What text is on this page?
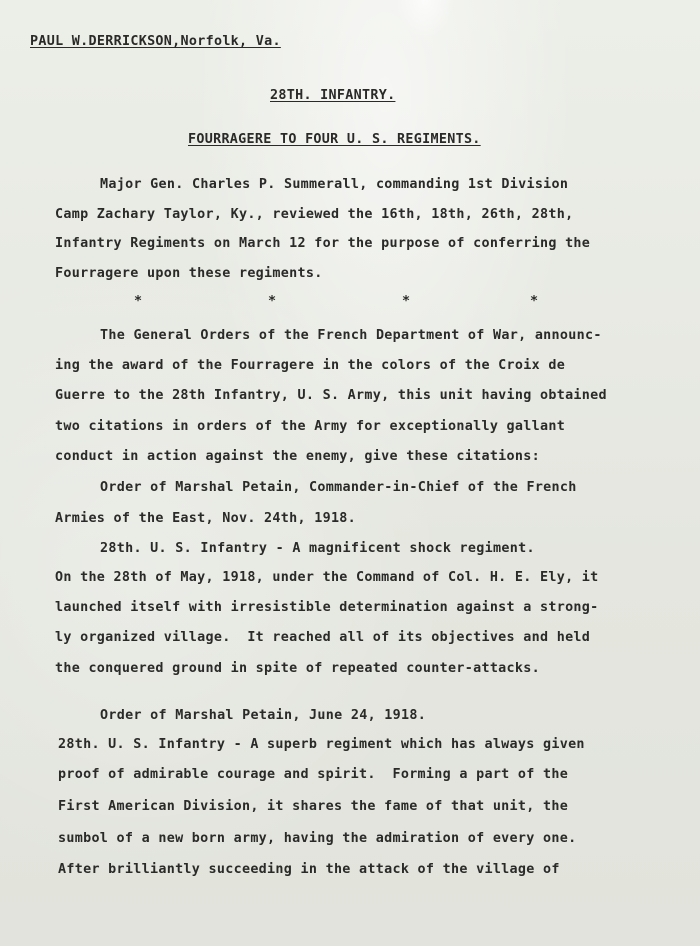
PAUL W.DERRICKSON,Norfolk, Va.
28TH. INFANTRY.
FOURRAGERE TO FOUR U. S. REGIMENTS.
Major Gen. Charles P. Summerall, commanding 1st Division
Camp Zachary Taylor, Ky., reviewed the 16th, 18th, 26th, 28th,
Infantry Regiments on March 12 for the purpose of conferring the
Fourragere upon these regiments.
*	*	*	*
The General Orders of the French Department of War, announc-
ing the award of the Fourragere in the colors of the Croix de
Guerre to the 28th Infantry, U. S. Army, this unit having obtained
two citations in orders of the Army for exceptionally gallant
conduct in action against the enemy, give these citations:
Order of Marshal Petain, Commander-in-Chief of the French
Armies of the East, Nov. 24th, 1918.
28th. U. S. Infantry - A magnificent shock regiment.
On the 28th of May, 1918, under the Command of Col. H. E. Ely, it
launched itself with irresistible determination against a strong-
ly organized village.  It reached all of its objectives and held
the conquered ground in spite of repeated counter-attacks.
Order of Marshal Petain, June 24, 1918.
28th. U. S. Infantry - A superb regiment which has always given
proof of admirable courage and spirit.  Forming a part of the
First American Division, it shares the fame of that unit, the
sumbol of a new born army, having the admiration of every one.
After brilliantly succeeding in the attack of the village of
